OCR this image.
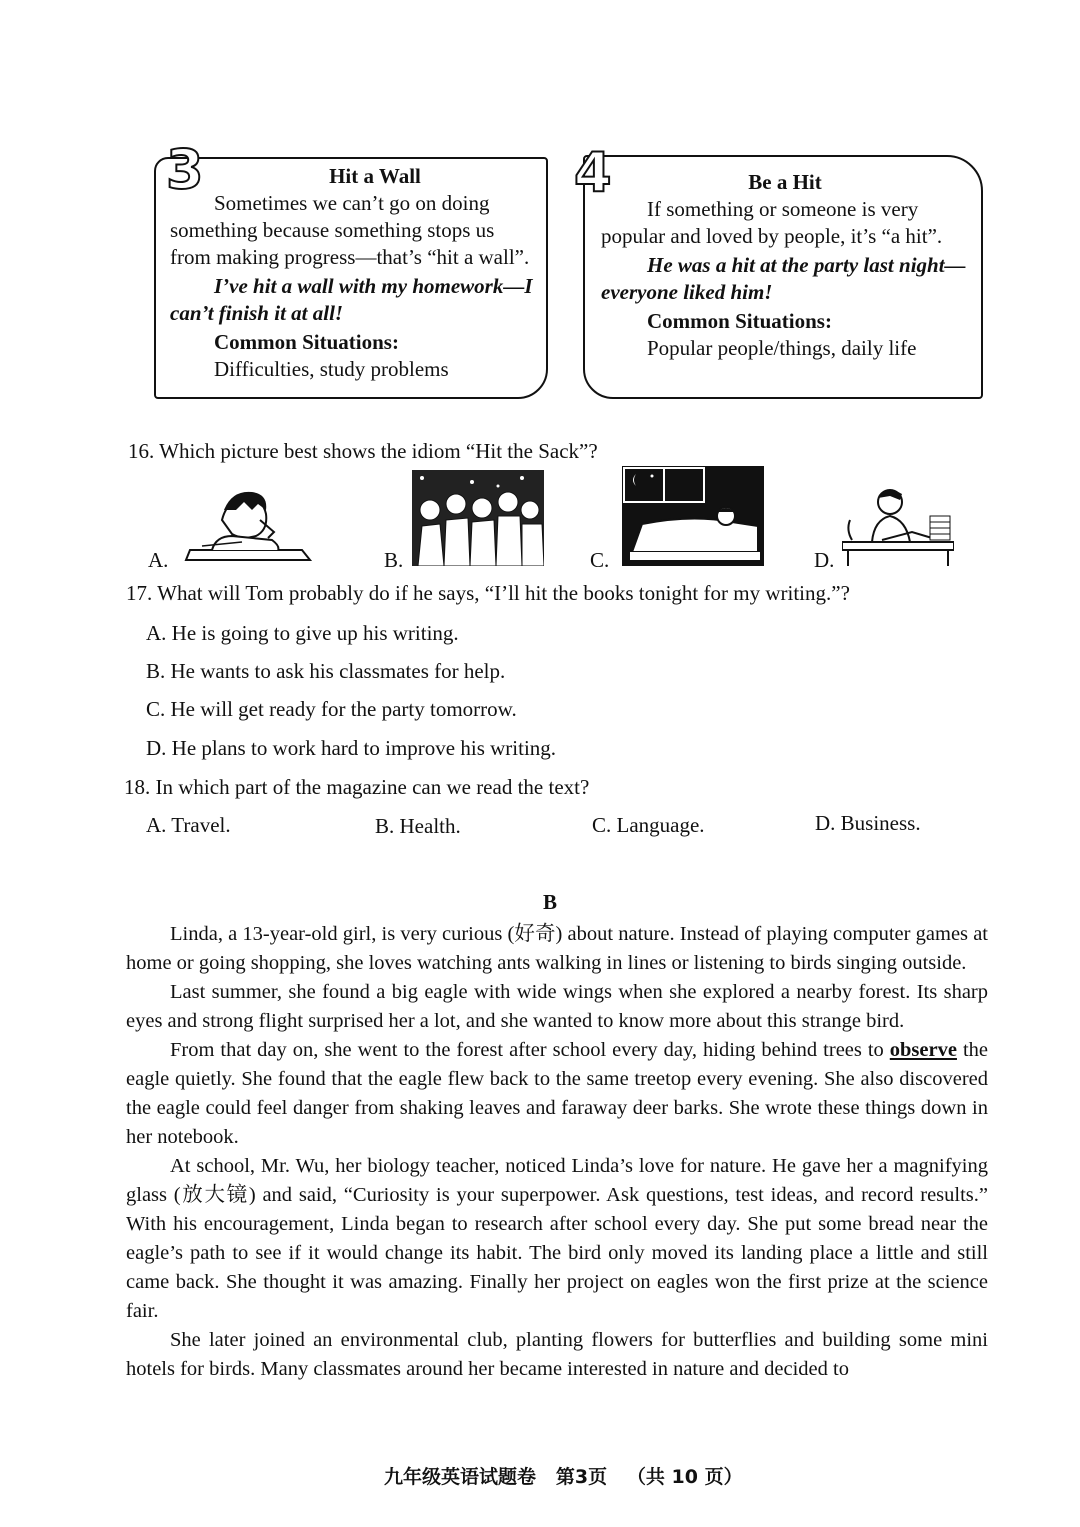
Hit a Wall

Sometimes we can’t go on doing something because something stops us from making progress—that’s “hit a wall”.

I’ve hit a wall with my homework—I can’t finish it at all!

Common Situations:

Difficulties, study problems

3	Be a Hit

If something or someone is very popular and loved by people, it’s “a hit”.

He was a hit at the party last night—everyone liked him!

Common Situations:

Popular people/things, daily life

4
16. Which picture best shows the idiom “Hit the Sack”?
A.	B.	C.	D.
17. What will Tom probably do if he says, “I’ll hit the books tonight for my writing.”?
A. He is going to give up his writing.
B. He wants to ask his classmates for help.
C. He will get ready for the party tomorrow.
D. He plans to work hard to improve his writing.
18. In which part of the magazine can we read the text?
A. Travel.	B. Health.	C. Language.	D. Business.
B

Linda, a 13-year-old girl, is very curious (好奇) about nature. Instead of playing computer games at home or going shopping, she loves watching ants walking in lines or listening to birds singing outside.

Last summer, she found a big eagle with wide wings when she explored a nearby forest. Its sharp eyes and strong flight surprised her a lot, and she wanted to know more about this strange bird.

From that day on, she went to the forest after school every day, hiding behind trees to observe the eagle quietly. She found that the eagle flew back to the same treetop every evening. She also discovered the eagle could feel danger from shaking leaves and faraway deer barks. She wrote these things down in her notebook.

At school, Mr. Wu, her biology teacher, noticed Linda’s love for nature. He gave her a magnifying glass (放大镜) and said, “Curiosity is your superpower. Ask questions, test ideas, and record results.” With his encouragement, Linda began to research after school every day. She put some bread near the eagle’s path to see if it would change its habit. The bird only moved its landing place a little and still came back. She thought it was amazing. Finally her project on eagles won the first prize at the science fair.

She later joined an environmental club, planting flowers for butterflies and building some mini hotels for birds. Many classmates around her became interested in nature and decided to

九年级英语试题卷   第3页   （共 10 页）
